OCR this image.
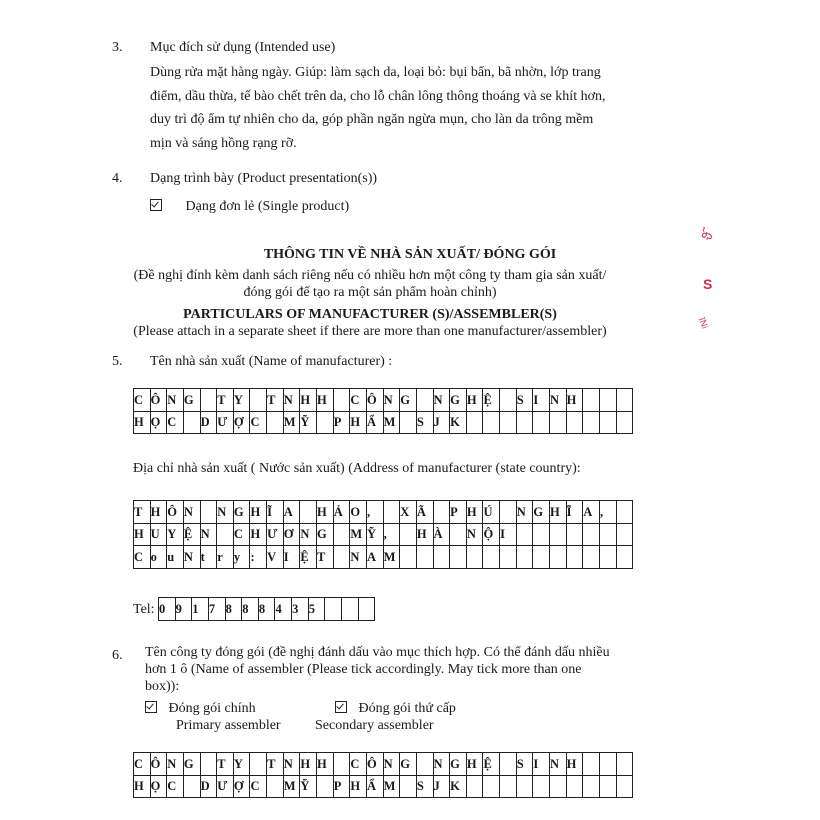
3. Mục đích sử dụng (Intended use)
Dùng rửa mặt hàng ngày. Giúp: làm sạch da, loại bỏ: bụi bẩn, bã nhờn, lớp trang
điểm, dầu thừa, tế bào chết trên da, cho lỗ chân lông thông thoáng và se khít hơn,
duy trì độ ẩm tự nhiên cho da, góp phần ngăn ngừa mụn, cho làn da trông mềm
mịn và sáng hồng rạng rỡ.
4. Dạng trình bày (Product presentation(s))
Dạng đơn lẻ (Single product)
THÔNG TIN VỀ NHÀ SẢN XUẤT/ ĐÓNG GÓI
(Đề nghị đính kèm danh sách riêng nếu có nhiều hơn một công ty tham gia sản xuất/
đóng gói để tạo ra một sản phẩm hoàn chỉnh)
PARTICULARS OF MANUFACTURER (S)/ASSEMBLER(S)
(Please attach in a separate sheet if there are more than one manufacturer/assembler)
5. Tên nhà sản xuất (Name of manufacturer) :
C	Ô	N	G		T	Y		T	N	H	H		C	Ô	N	G		N	G	H	Ệ		S	I	N	H			
H	Ọ	C		D	Ư	Ợ	C		M	Ỹ		P	H	Ẩ	M		S	J	K										
Địa chỉ nhà sản xuất ( Nước sản xuất) (Address of manufacturer (state country):
T	H	Ô	N		N	G	H	Ĩ	A		H	Ả	O	,		X	Ã		P	H	Ú		N	G	H	Ĩ	A	,	
H	U	Y	Ệ	N		C	H	Ư	Ơ	N	G		M	Ỹ	,		H	À		N	Ộ	I							
C	o	u	N	t	r	y	:	V	I	Ệ	T		N	A	M														
Tel: 0	9	1	7	8	8	8	4	3	5			
6. Tên công ty đóng gói (đề nghị đánh dấu vào mục thích hợp. Có thể đánh dấu nhiều
hơn 1 ô (Name of assembler (Please tick accordingly. May tick more than one
box)):
Đóng gói chính
Primary assembler
Đóng gói thứ cấp
Secondary assembler
C	Ô	N	G		T	Y		T	N	H	H		C	Ô	N	G		N	G	H	Ệ		S	I	N	H			
H	Ọ	C		D	Ư	Ợ	C		M	Ỹ		P	H	Ẩ	M		S	J	K										
ϑ̃
S
ĩNi
